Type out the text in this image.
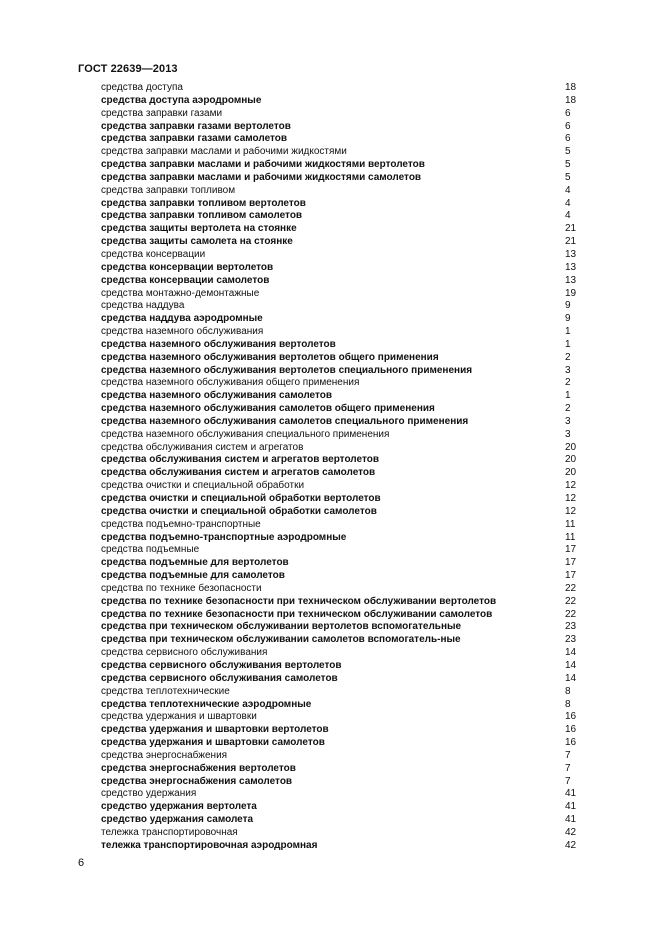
ГОСТ 22639—2013
средства доступа	18
средства доступа аэродромные	18
средства заправки газами	6
средства заправки газами вертолетов	6
средства заправки газами самолетов	6
средства заправки маслами и рабочими жидкостями	5
средства заправки маслами и рабочими жидкостями вертолетов	5
средства заправки маслами и рабочими жидкостями самолетов	5
средства заправки топливом	4
средства заправки топливом вертолетов	4
средства заправки топливом самолетов	4
средства защиты вертолета на стоянке	21
средства защиты самолета на стоянке	21
средства консервации	13
средства консервации вертолетов	13
средства консервации самолетов	13
средства монтажно-демонтажные	19
средства наддува	9
средства наддува аэродромные	9
средства наземного обслуживания	1
средства наземного обслуживания вертолетов	1
средства наземного обслуживания вертолетов общего применения	2
средства наземного обслуживания вертолетов специального применения	3
средства наземного обслуживания общего применения	2
средства наземного обслуживания самолетов	1
средства наземного обслуживания самолетов общего применения	2
средства наземного обслуживания самолетов специального применения	3
средства наземного обслуживания специального применения	3
средства обслуживания систем и агрегатов	20
средства обслуживания систем и агрегатов вертолетов	20
средства обслуживания систем и агрегатов самолетов	20
средства очистки и специальной обработки	12
средства очистки и специальной обработки вертолетов	12
средства очистки и специальной обработки самолетов	12
средства подъемно-транспортные	11
средства подъемно-транспортные аэродромные	11
средства подъемные	17
средства подъемные для вертолетов	17
средства подъемные для самолетов	17
средства по технике безопасности	22
средства по технике безопасности при техническом обслуживании вертолетов	22
средства по технике безопасности при техническом обслуживании самолетов	22
средства при техническом обслуживании вертолетов вспомогательные	23
средства при техническом обслуживании самолетов вспомогатель-ные	23
средства сервисного обслуживания	14
средства сервисного обслуживания вертолетов	14
средства сервисного обслуживания самолетов	14
средства теплотехнические	8
средства теплотехнические аэродромные	8
средства удержания и швартовки	16
средства удержания и швартовки вертолетов	16
средства удержания и швартовки самолетов	16
средства энергоснабжения	7
средства энергоснабжения вертолетов	7
средства энергоснабжения самолетов	7
средство удержания	41
средство удержания вертолета	41
средство удержания самолета	41
тележка транспортировочная	42
тележка транспортировочная аэродромная	42
6
